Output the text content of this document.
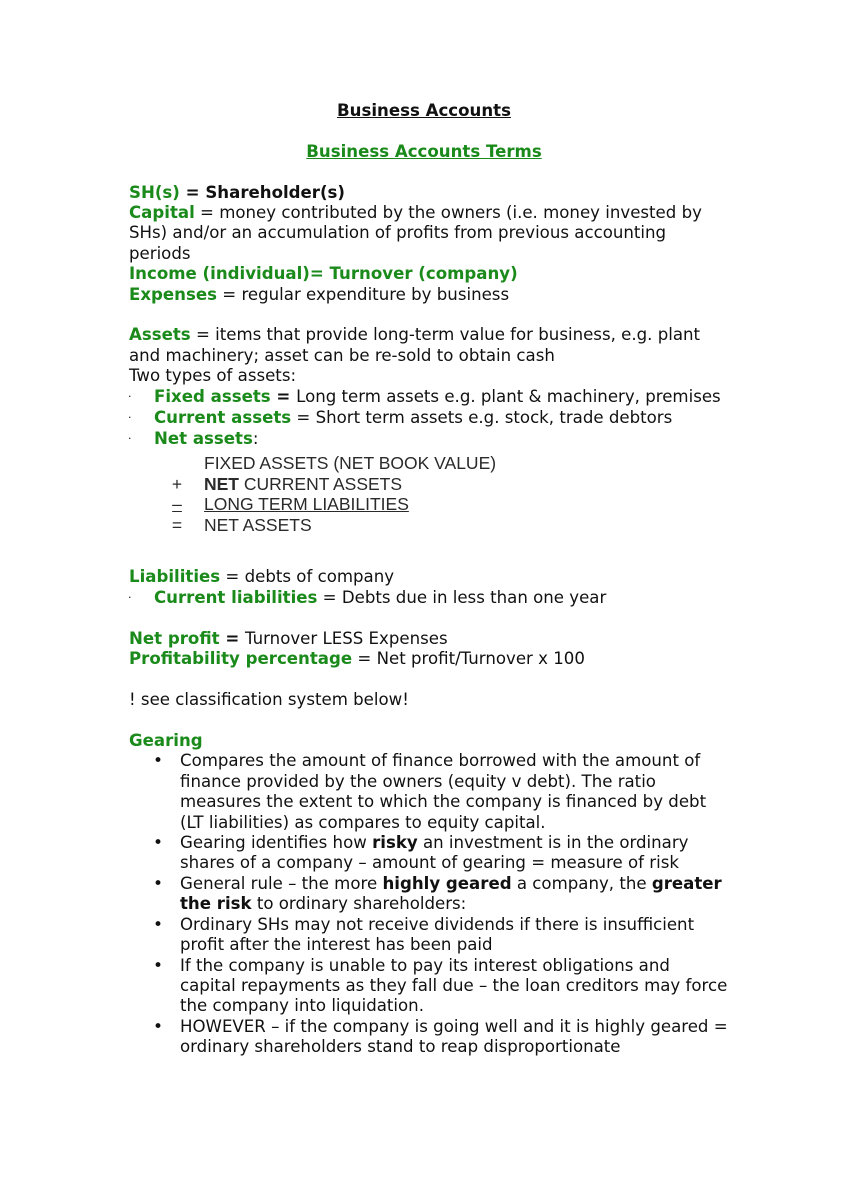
Business Accounts
Business Accounts Terms
SH(s) = Shareholder(s)
Capital = money contributed by the owners (i.e. money invested by SHs) and/or an accumulation of profits from previous accounting periods
Income (individual)= Turnover (company)
Expenses = regular expenditure by business
Assets = items that provide long-term value for business, e.g. plant and machinery; asset can be re-sold to obtain cash
Two types of assets:
· Fixed assets = Long term assets e.g. plant & machinery, premises
· Current assets = Short term assets e.g. stock, trade debtors
· Net assets:
FIXED ASSETS (NET BOOK VALUE)
+ NET CURRENT ASSETS
– LONG TERM LIABILITIES
= NET ASSETS
Liabilities = debts of company
· Current liabilities = Debts due in less than one year
Net profit = Turnover LESS Expenses
Profitability percentage = Net profit/Turnover x 100
! see classification system below!
Gearing
• Compares the amount of finance borrowed with the amount of finance provided by the owners (equity v debt). The ratio measures the extent to which the company is financed by debt (LT liabilities) as compares to equity capital.
• Gearing identifies how risky an investment is in the ordinary shares of a company – amount of gearing = measure of risk
• General rule – the more highly geared a company, the greater the risk to ordinary shareholders:
• Ordinary SHs may not receive dividends if there is insufficient profit after the interest has been paid
• If the company is unable to pay its interest obligations and capital repayments as they fall due – the loan creditors may force the company into liquidation.
• HOWEVER – if the company is going well and it is highly geared = ordinary shareholders stand to reap disproportionate
